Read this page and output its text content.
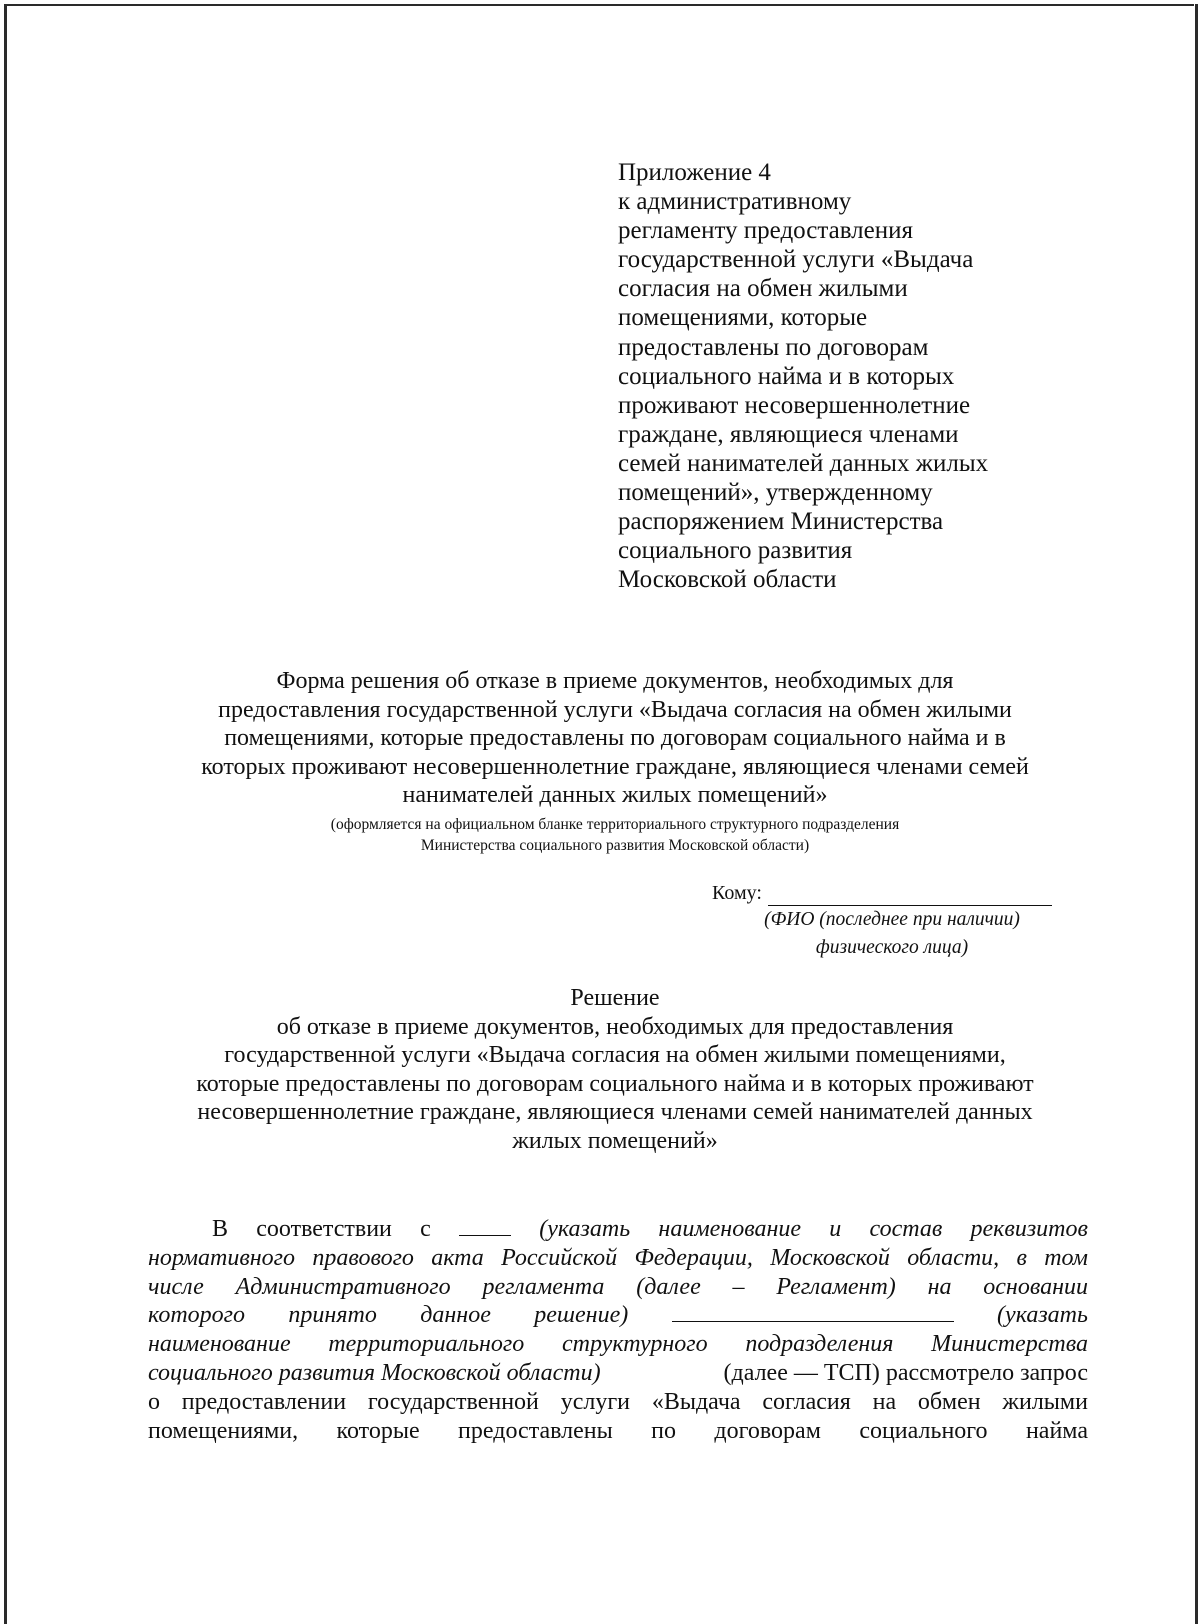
Приложение 4
к административному
регламенту предоставления
государственной услуги «Выдача
согласия на обмен жилыми
помещениями, которые
предоставлены по договорам
социального найма и в которых
проживают несовершеннолетние
граждане, являющиеся членами
семей нанимателей данных жилых
помещений», утвержденному
распоряжением Министерства
социального развития
Московской области
Форма решения об отказе в приеме документов, необходимых для
предоставления государственной услуги «Выдача согласия на обмен жилыми
помещениями, которые предоставлены по договорам социального найма и в
которых проживают несовершеннолетние граждане, являющиеся членами семей
нанимателей данных жилых помещений»
(оформляется на официальном бланке территориального структурного подразделения
Министерства социального развития Московской области)
Кому:
(ФИО (последнее при наличии)
физического лица)
Решение
об отказе в приеме документов, необходимых для предоставления
государственной услуги «Выдача согласия на обмен жилыми помещениями,
которые предоставлены по договорам социального найма и в которых проживают
несовершеннолетние граждане, являющиеся членами семей нанимателей данных
жилых помещений»
В соответствии с	(указать наименование и состав реквизитов
нормативного правового акта Российской Федерации, Московской области, в том
числе Административного регламента (далее – Регламент) на основании
которого принято данное решение)	(указать
наименование территориального структурного подразделения Министерства
социального развития Московской области)	(далее — ТСП) рассмотрело запрос
о предоставлении государственной услуги «Выдача согласия на обмен жилыми
помещениями, которые предоставлены по договорам социального найма
